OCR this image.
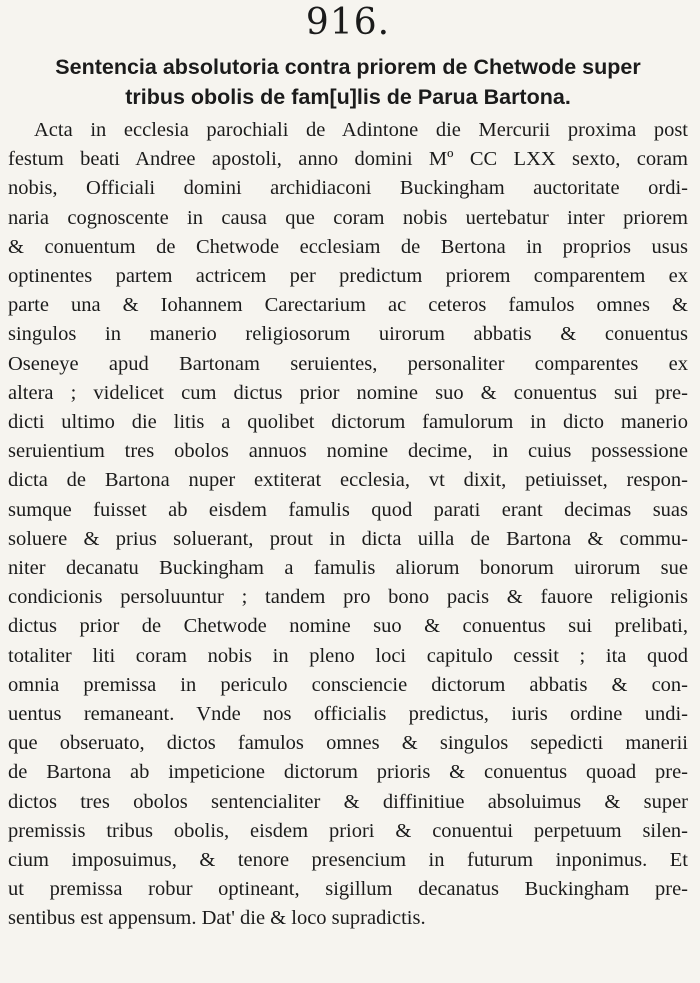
916.
Sentencia absolutoria contra priorem de Chetwode super
tribus obolis de fam[u]lis de Parua Bartona.
Acta in ecclesia parochiali de Adintone die Mercurii proxima post
festum beati Andree apostoli, anno domini Mº CC LXX sexto, coram
nobis, Officiali domini archidiaconi Buckingham auctoritate ordi-
naria cognoscente in causa que coram nobis uertebatur inter priorem
& conuentum de Chetwode ecclesiam de Bertona in proprios usus
optinentes partem actricem per predictum priorem comparentem ex
parte una & Iohannem Carectarium ac ceteros famulos omnes &
singulos in manerio religiosorum uirorum abbatis & conuentus
Oseneye apud Bartonam seruientes, personaliter comparentes ex
altera ; videlicet cum dictus prior nomine suo & conuentus sui pre-
dicti ultimo die litis a quolibet dictorum famulorum in dicto manerio
seruientium tres obolos annuos nomine decime, in cuius possessione
dicta de Bartona nuper extiterat ecclesia, vt dixit, petiuisset, respon-
sumque fuisset ab eisdem famulis quod parati erant decimas suas
soluere & prius soluerant, prout in dicta uilla de Bartona & commu-
niter decanatu Buckingham a famulis aliorum bonorum uirorum sue
condicionis persoluuntur ; tandem pro bono pacis & fauore religionis
dictus prior de Chetwode nomine suo & conuentus sui prelibati,
totaliter liti coram nobis in pleno loci capitulo cessit ; ita quod
omnia premissa in periculo consciencie dictorum abbatis & con-
uentus remaneant. Vnde nos officialis predictus, iuris ordine undi-
que obseruato, dictos famulos omnes & singulos sepedicti manerii
de Bartona ab impeticione dictorum prioris & conuentus quoad pre-
dictos tres obolos sentencialiter & diffinitiue absoluimus & super
premissis tribus obolis, eisdem priori & conuentui perpetuum silen-
cium imposuimus, & tenore presencium in futurum inponimus. Et
ut premissa robur optineant, sigillum decanatus Buckingham pre-
sentibus est appensum. Dat' die & loco supradictis.
